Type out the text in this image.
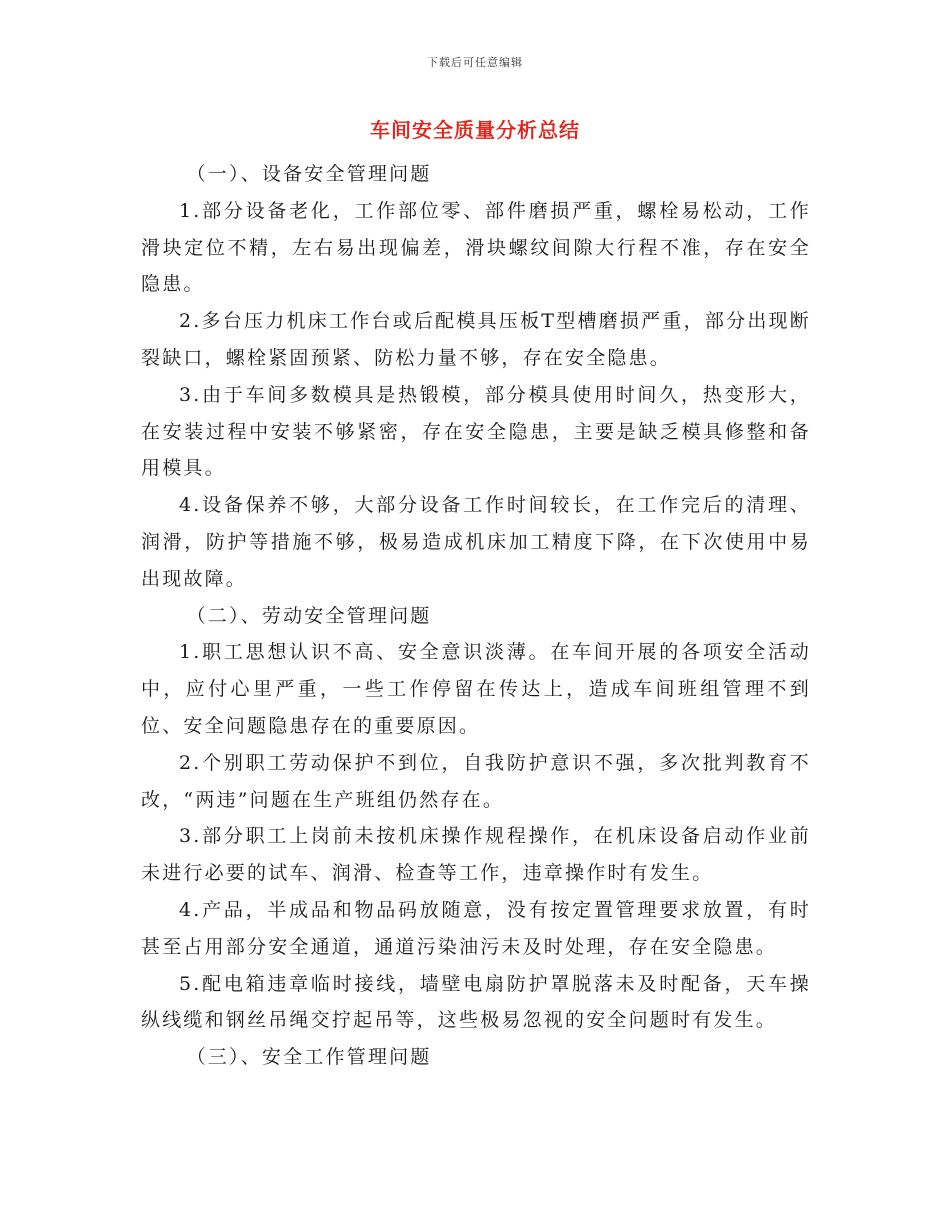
下载后可任意编辑
车间安全质量分析总结

（一）、设备安全管理问题

1.部分设备老化，工作部位零、部件磨损严重，螺栓易松动，工作滑块定位不精，左右易出现偏差，滑块螺纹间隙大行程不准，存在安全隐患。

2.多台压力机床工作台或后配模具压板T型槽磨损严重，部分出现断裂缺口，螺栓紧固预紧、防松力量不够，存在安全隐患。

3.由于车间多数模具是热锻模，部分模具使用时间久，热变形大，在安装过程中安装不够紧密，存在安全隐患，主要是缺乏模具修整和备用模具。

4.设备保养不够，大部分设备工作时间较长，在工作完后的清理、润滑，防护等措施不够，极易造成机床加工精度下降，在下次使用中易出现故障。

（二）、劳动安全管理问题

1.职工思想认识不高、安全意识淡薄。在车间开展的各项安全活动中，应付心里严重，一些工作停留在传达上，造成车间班组管理不到位、安全问题隐患存在的重要原因。

2.个别职工劳动保护不到位，自我防护意识不强，多次批判教育不改，“两违”问题在生产班组仍然存在。

3.部分职工上岗前未按机床操作规程操作，在机床设备启动作业前未进行必要的试车、润滑、检查等工作，违章操作时有发生。

4.产品，半成品和物品码放随意，没有按定置管理要求放置，有时甚至占用部分安全通道，通道污染油污未及时处理，存在安全隐患。

5.配电箱违章临时接线，墙壁电扇防护罩脱落未及时配备，天车操纵线缆和钢丝吊绳交拧起吊等，这些极易忽视的安全问题时有发生。

（三）、安全工作管理问题
